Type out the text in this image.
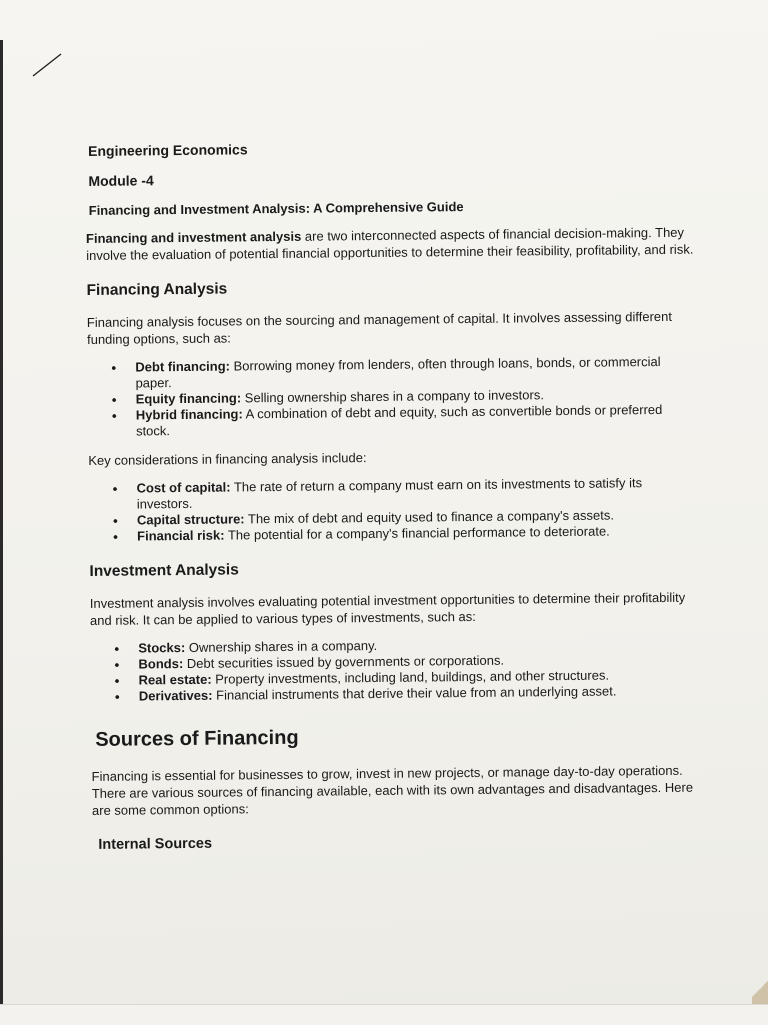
Engineering Economics
Module -4
Financing and Investment Analysis: A Comprehensive Guide

Financing and investment analysis are two interconnected aspects of financial decision-making. They involve the evaluation of potential financial opportunities to determine their feasibility, profitability, and risk.

Financing Analysis

Financing analysis focuses on the sourcing and management of capital. It involves assessing different funding options, such as:

• Debt financing: Borrowing money from lenders, often through loans, bonds, or commercial paper.
• Equity financing: Selling ownership shares in a company to investors.
• Hybrid financing: A combination of debt and equity, such as convertible bonds or preferred stock.

Key considerations in financing analysis include:

• Cost of capital: The rate of return a company must earn on its investments to satisfy its investors.
• Capital structure: The mix of debt and equity used to finance a company's assets.
• Financial risk: The potential for a company's financial performance to deteriorate.
Investment Analysis

Investment analysis involves evaluating potential investment opportunities to determine their profitability and risk. It can be applied to various types of investments, such as:

• Stocks: Ownership shares in a company.
• Bonds: Debt securities issued by governments or corporations.
• Real estate: Property investments, including land, buildings, and other structures.
• Derivatives: Financial instruments that derive their value from an underlying asset.
Sources of Financing

Financing is essential for businesses to grow, invest in new projects, or manage day-to-day operations. There are various sources of financing available, each with its own advantages and disadvantages. Here are some common options:

Internal Sources
